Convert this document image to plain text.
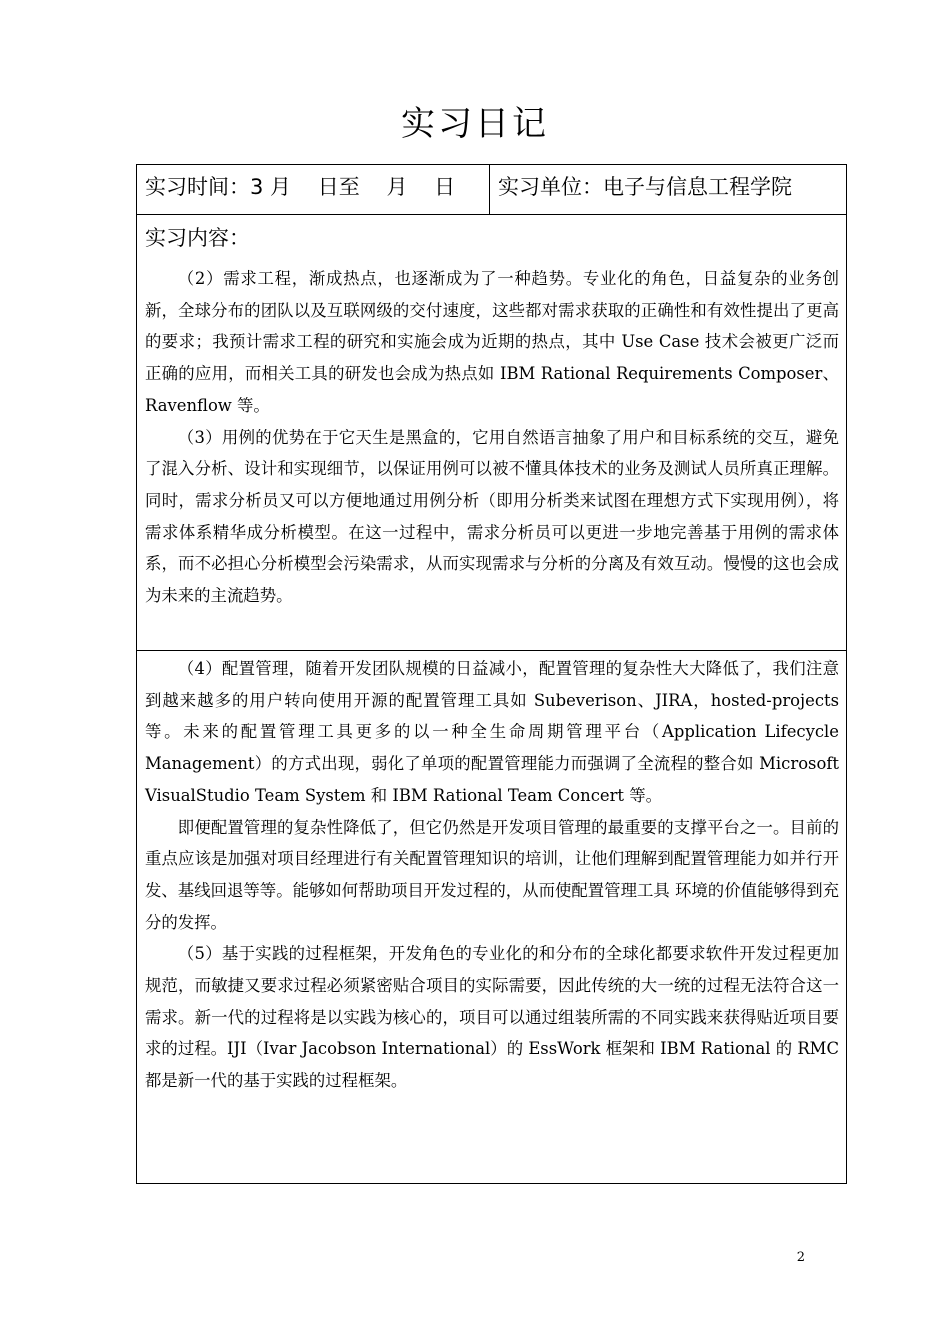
实习日记
实习时间：3 月    日至    月    日	实习单位：电子与信息工程学院
实习内容：

（2）需求工程，渐成热点，也逐渐成为了一种趋势。专业化的角色，日益复杂的业务创新，全球分布的团队以及互联网级的交付速度，这些都对需求获取的正确性和有效性提出了更高的要求；我预计需求工程的研究和实施会成为近期的热点，其中 Use Case 技术会被更广泛而正确的应用，而相关工具的研发也会成为热点如 IBM Rational Requirements Composer、Ravenflow 等。

（3）用例的优势在于它天生是黑盒的，它用自然语言抽象了用户和目标系统的交互，避免了混入分析、设计和实现细节，以保证用例可以被不懂具体技术的业务及测试人员所真正理解。同时，需求分析员又可以方便地通过用例分析（即用分析类来试图在理想方式下实现用例），将需求体系精华成分析模型。在这一过程中，需求分析员可以更进一步地完善基于用例的需求体系，而不必担心分析模型会污染需求，从而实现需求与分析的分离及有效互动。慢慢的这也会成为未来的主流趋势。

（4）配置管理，随着开发团队规模的日益减小，配置管理的复杂性大大降低了，我们注意到越来越多的用户转向使用开源的配置管理工具如 Subeverison、JIRA，hosted-projects 等。未来的配置管理工具更多的以一种全生命周期管理平台（Application Lifecycle Management）的方式出现，弱化了单项的配置管理能力而强调了全流程的整合如 Microsoft VisualStudio Team System 和 IBM Rational Team Concert 等。

即便配置管理的复杂性降低了，但它仍然是开发项目管理的最重要的支撑平台之一。目前的重点应该是加强对项目经理进行有关配置管理知识的培训，让他们理解到配置管理能力如并行开发、基线回退等等。能够如何帮助项目开发过程的，从而使配置管理工具 环境的价值能够得到充分的发挥。

（5）基于实践的过程框架，开发角色的专业化的和分布的全球化都要求软件开发过程更加规范，而敏捷又要求过程必须紧密贴合项目的实际需要，因此传统的大一统的过程无法符合这一需求。新一代的过程将是以实践为核心的，项目可以通过组装所需的不同实践来获得贴近项目要求的过程。IJI（Ivar Jacobson International）的 EssWork 框架和 IBM Rational 的 RMC 都是新一代的基于实践的过程框架。

2
